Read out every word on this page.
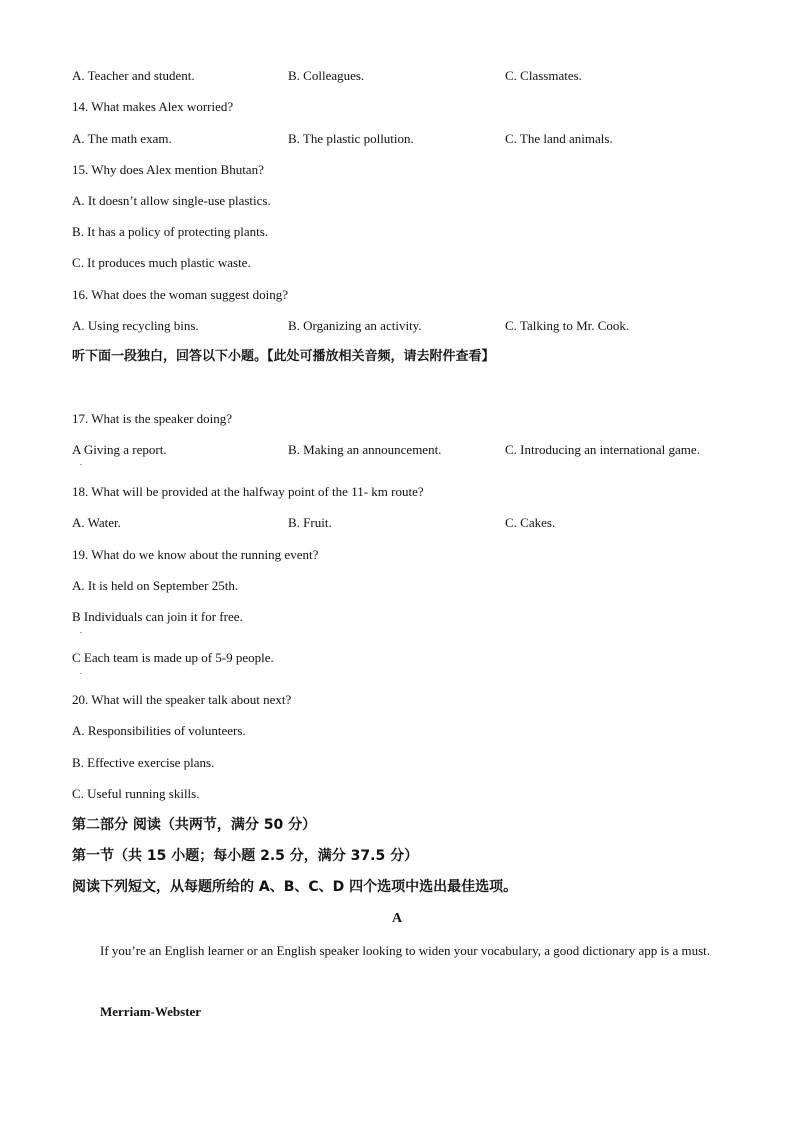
A. Teacher and student.	B. Colleagues.	C. Classmates.
14. What makes Alex worried?
A. The math exam.	B. The plastic pollution.	C. The land animals.
15. Why does Alex mention Bhutan?
A. It doesn’t allow single-use plastics.
B. It has a policy of protecting plants.
C. It produces much plastic waste.
16. What does the woman suggest doing?
A. Using recycling bins.	B. Organizing an activity.	C. Talking to Mr. Cook.
听下面一段独白，回答以下小题。【此处可播放相关音频，请去附件查看】
17. What is the speaker doing?
A Giving a report.
.
B. Making an announcement.	C. Introducing an international game.
18. What will be provided at the halfway point of the 11- km route?
A. Water.	B. Fruit.	C. Cakes.
19. What do we know about the running event?
A. It is held on September 25th.
B Individuals can join it for free.
.
C Each team is made up of 5-9 people.
.
20. What will the speaker talk about next?
A. Responsibilities of volunteers.
B. Effective exercise plans.
C. Useful running skills.
第二部分 阅读（共两节，满分 50 分）
第一节（共 15 小题；每小题 2.5 分，满分 37.5 分）
阅读下列短文，从每题所给的 A、B、C、D 四个选项中选出最佳选项。
A
If you’re an English learner or an English speaker looking to widen your vocabulary, a good dictionary app is a must.
Merriam-Webster
